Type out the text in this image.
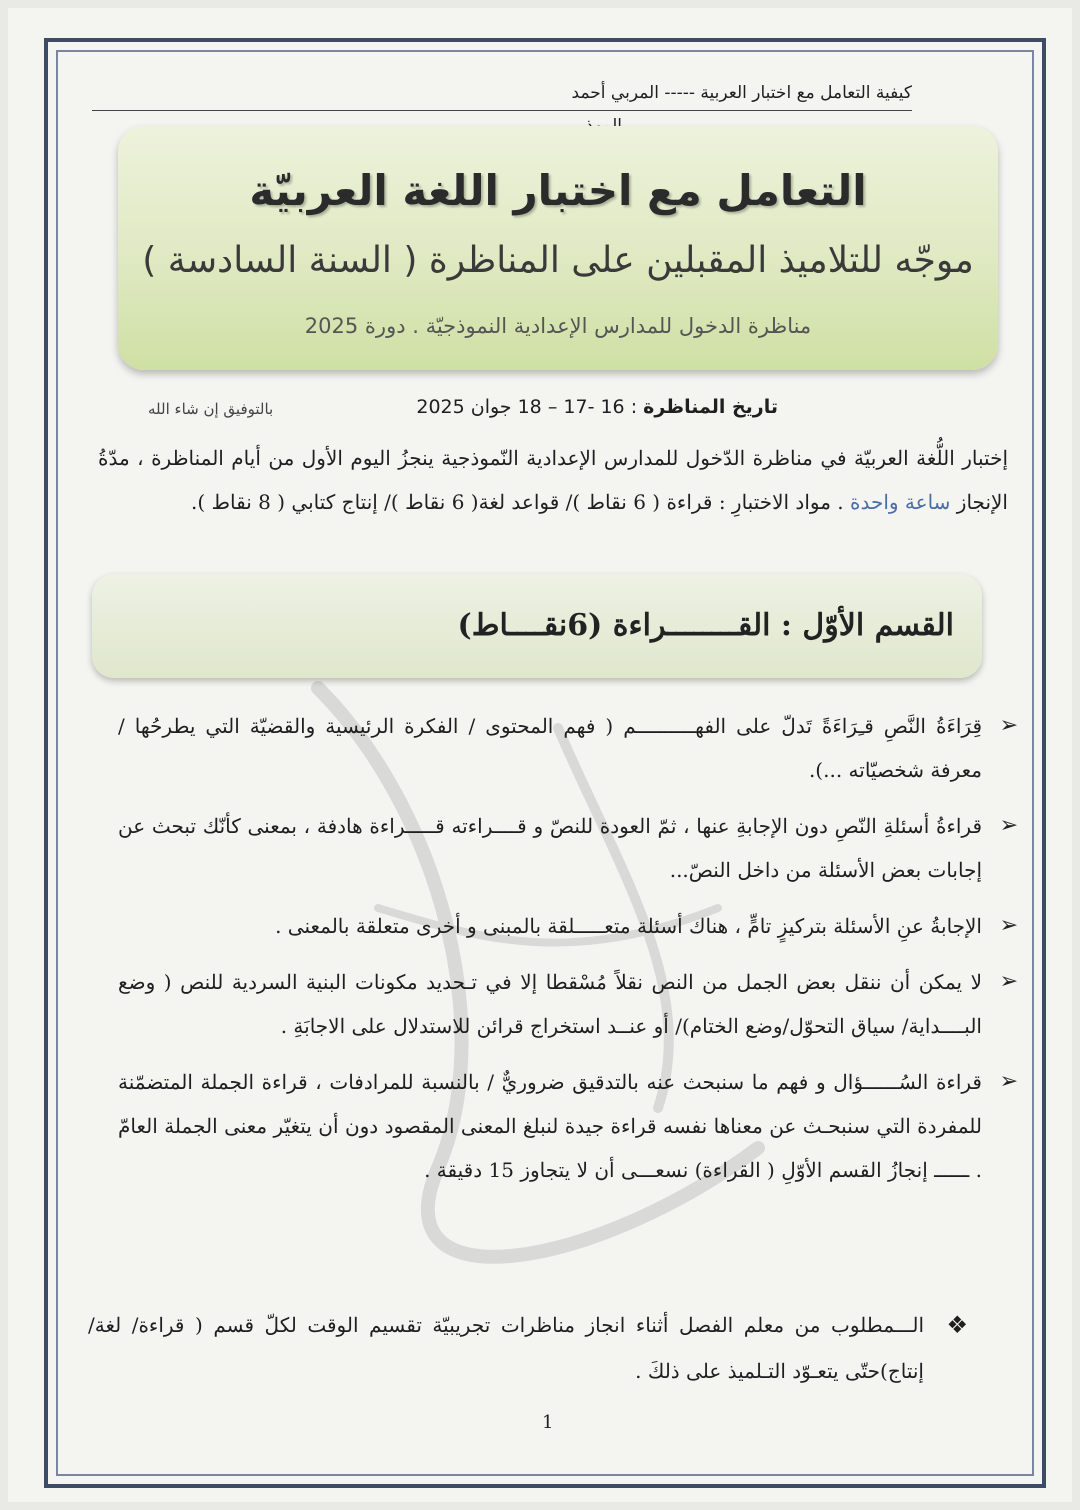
كيفية التعامل مع اختبار العربية ----- المربي أحمد
التعامل مع اختبار اللغة العربيّة
موجّه للتلاميذ المقبلين على المناظرة ( السنة السادسة )
مناظرة الدخول للمدارس الإعدادية النموذجيّة . دورة 2025
بالتوفيق إن شاء الله	تاريخ المناظرة : 16 -17 – 18 جوان 2025
إختبار اللُّغة العربيّة في مناظرة الدّخول للمدارس الإعدادية النّموذجية ينجزُ اليوم الأول من أيام المناظرة ، مدّةُ الإنجاز ساعة واحدة . مواد الاختبارِ : قراءة ( 6 نقاط )/ قواعد لغة( 6 نقاط )/ إنتاج كتابي ( 8 نقاط ).
القسم الأوّل : القــــــــراءة (6نقــــاط)
➢
قِرَاءَةُ النَّصِ قـِرَاءَةً تَدلّ على الفهــــــــــم ( فهم المحتوى / الفكرة الرئيسية والقضيّة التي يطرحُها / معرفة شخصيّاته ...).
➢
قراءةُ أسئلةِ النّصِ دون الإجابةِ عنها ، ثمّ العودة للنصّ و قــــراءته قـــــراءة هادفة ، بمعنى كأنّك تبحث عن إجابات بعض الأسئلة من داخل النصّ...
➢
الإجابةُ عنِ الأسئلة بتركيزٍ تامٍّ ، هناك أسئلة متعـــــلقة بالمبنى و أخرى متعلقة بالمعنى .
➢
لا يمكن أن ننقل بعض الجمل من النص نقلاً مُسْقطا إلا في تـحديد مكونات البنية السردية للنص ( وضع البــــداية/ سياق التحوّل/وضع الختام)/ أو عنــد استخراج قرائن للاستدلال على الاجابَةِ .
➢
قراءة السُــــــؤال و فهم ما سنبحث عنه بالتدقيق ضروريٌّ / بالنسبة للمرادفات ، قراءة الجملة المتضمّنة للمفردة التي سنبحـث عن معناها نفسه قراءة جيدة لنبلغ المعنى المقصود دون أن يتغيّر معنى الجملة العامّ . ــــــ إنجازُ القسم الأوّلِ ( القراءة) نسعـــى أن لا يتجاوز 15 دقيقة .
❖
الـــمطلوب من معلم الفصل أثناء انجاز مناظرات تجريبيّة تقسيم الوقت لكلّ قسم ( قراءة/ لغة/ إنتاج)حتّى يتعـوّد التـلميذ على ذلكَ .
1
